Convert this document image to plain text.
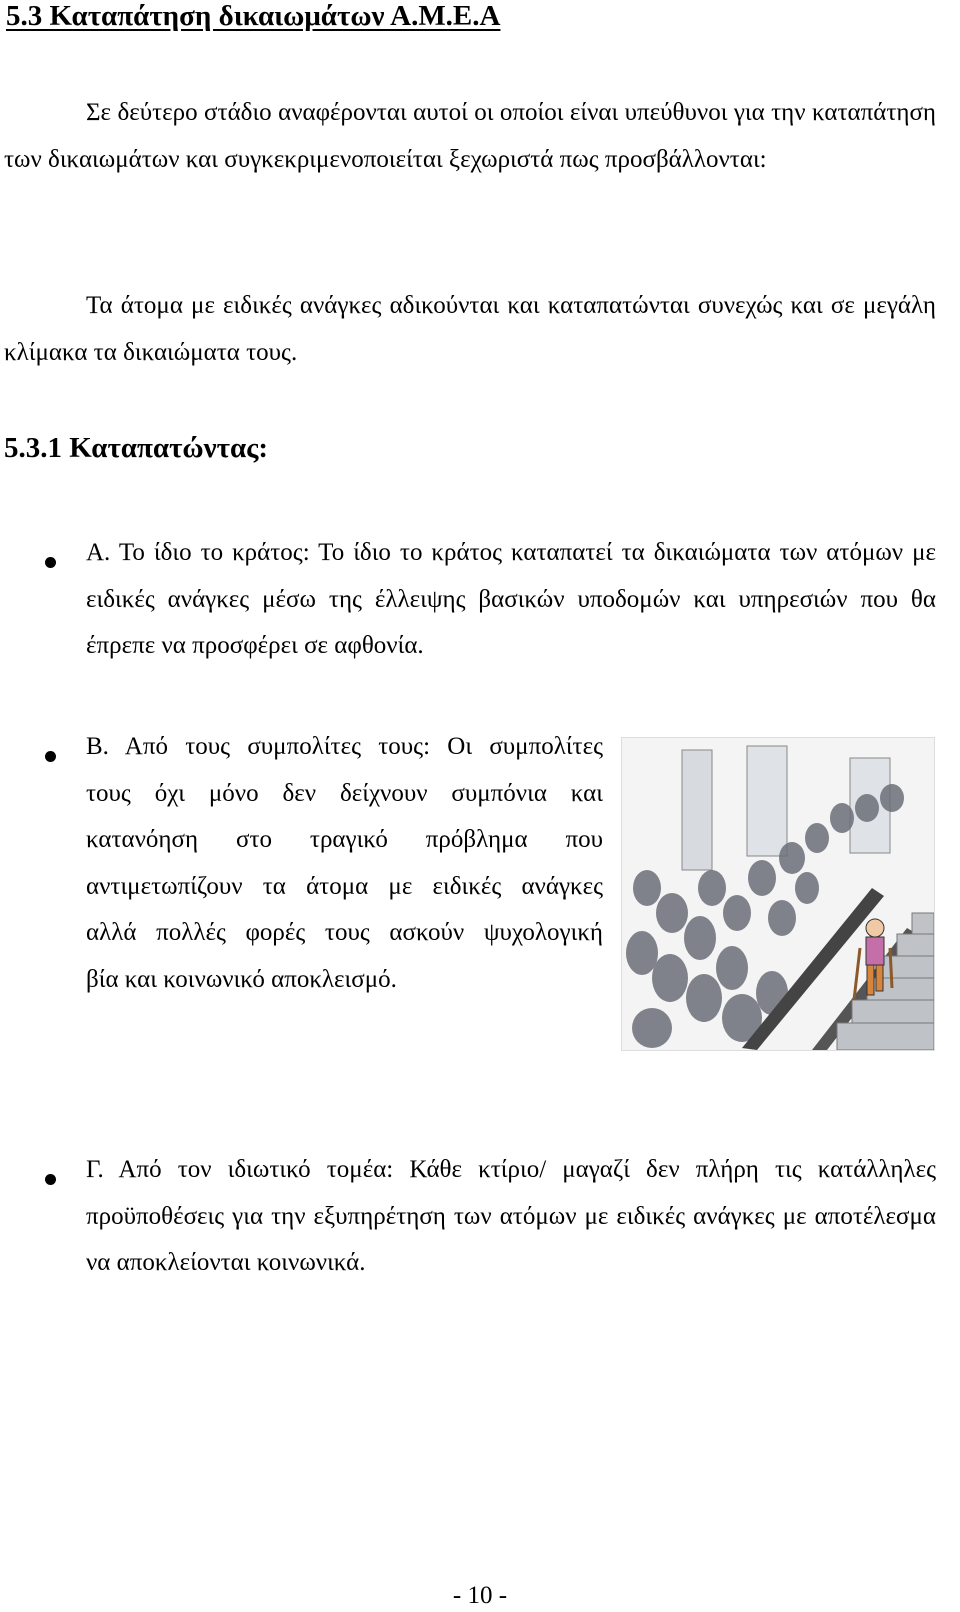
5.3 Καταπάτηση δικαιωμάτων Α.Μ.Ε.Α
Σε δεύτερο στάδιο αναφέρονται αυτοί οι οποίοι είναι υπεύθυνοι για την καταπάτηση των δικαιωμάτων και συγκεκριμενοποιείται ξεχωριστά πως προσβάλλονται:
Τα άτομα με ειδικές ανάγκες αδικούνται και καταπατώνται συνεχώς και σε μεγάλη κλίμακα τα δικαιώματα τους.
5.3.1 Καταπατώντας:
Α. Το ίδιο το κράτος: Το ίδιο το κράτος καταπατεί τα δικαιώματα των ατόμων με ειδικές ανάγκες μέσω της έλλειψης βασικών υποδομών και υπηρεσιών που θα έπρεπε να προσφέρει σε αφθονία.
Β. Από τους συμπολίτες τους: Οι συμπολίτες
τους όχι μόνο δεν δείχνουν συμπόνια και
κατανόηση στο τραγικό πρόβλημα που
αντιμετωπίζουν τα άτομα με ειδικές ανάγκες
αλλά πολλές φορές τους ασκούν ψυχολογική
βία και κοινωνικό αποκλεισμό.
Γ. Από τον ιδιωτικό τομέα: Κάθε κτίριο/ μαγαζί δεν πλήρη τις κατάλληλες προϋποθέσεις για την εξυπηρέτηση των ατόμων με ειδικές ανάγκες με αποτέλεσμα να αποκλείονται κοινωνικά.
- 10 -
